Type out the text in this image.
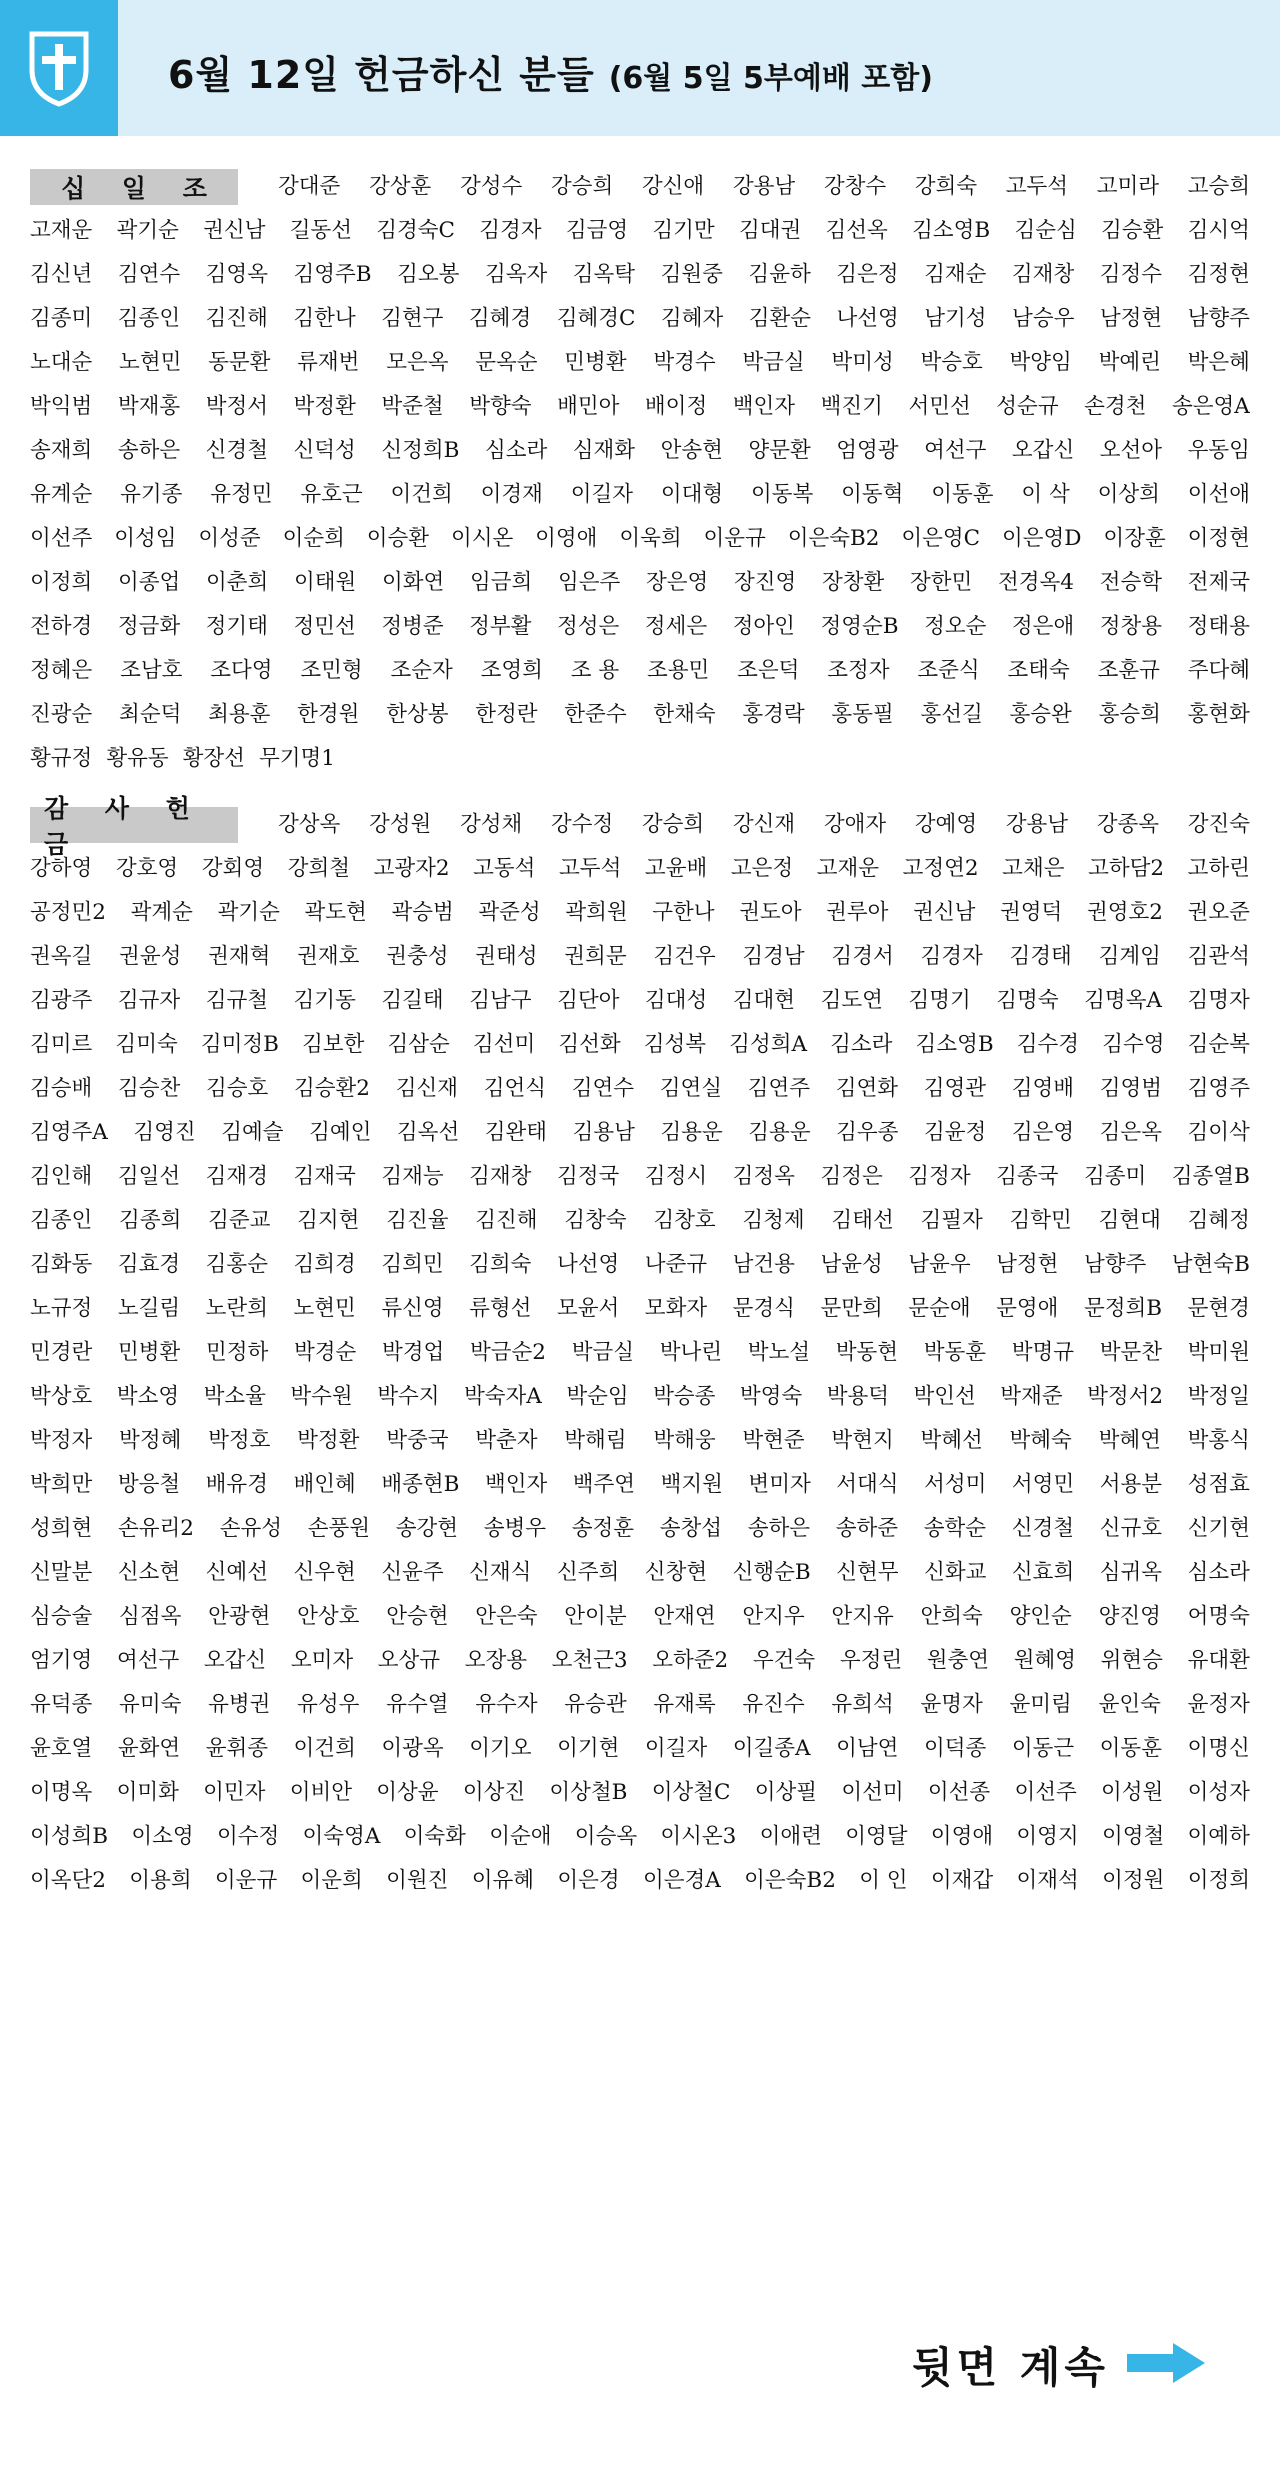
6월 12일 헌금하신 분들 (6월 5일 5부예배 포함)
십 일 조	강대준 강상훈 강성수 강승희 강신애 강용남 강창수 강희숙 고두석 고미라 고승희
고재운 곽기순 권신남 길동선 김경숙C 김경자 김금영 김기만 김대권 김선옥 김소영B 김순심 김승환 김시억
김신년 김연수 김영옥 김영주B 김오봉 김옥자 김옥탁 김원중 김윤하 김은정 김재순 김재창 김정수 김정현
김종미 김종인 김진해 김한나 김현구 김혜경 김혜경C 김혜자 김환순 나선영 남기성 남승우 남정현 남향주
노대순 노현민 동문환 류재번 모은옥 문옥순 민병환 박경수 박금실 박미성 박승호 박양임 박예린 박은혜
박익범 박재홍 박정서 박정환 박준철 박향숙 배민아 배이정 백인자 백진기 서민선 성순규 손경천 송은영A
송재희 송하은 신경철 신덕성 신정희B 심소라 심재화 안송현 양문환 엄영광 여선구 오갑신 오선아 우동임
유계순 유기종 유정민 유호근 이건희 이경재 이길자 이대형 이동복 이동혁 이동훈 이 삭 이상희 이선애
이선주 이성임 이성준 이순희 이승환 이시온 이영애 이욱희 이운규 이은숙B2 이은영C 이은영D 이장훈 이정현
이정희 이종업 이춘희 이태원 이화연 임금희 임은주 장은영 장진영 장창환 장한민 전경옥4 전승학 전제국
전하경 정금화 정기태 정민선 정병준 정부활 정성은 정세은 정아인 정영순B 정오순 정은애 정창용 정태용
정혜은 조남호 조다영 조민형 조순자 조영희 조 용 조용민 조은덕 조정자 조준식 조태숙 조훈규 주다혜
진광순 최순덕 최용훈 한경원 한상봉 한정란 한준수 한채숙 홍경락 홍동필 홍선길 홍승완 홍승희 홍현화
황규정 황유동 황장선 무기명1
감 사 헌 금
강상옥 강성원 강성채 강수정 강승희 강신재 강애자 강예영 강용남 강종옥 강진숙
강하영 강호영 강회영 강희철 고광자2 고동석 고두석 고윤배 고은정 고재운 고정연2 고채은 고하담2 고하린
공정민2 곽계순 곽기순 곽도현 곽승범 곽준성 곽희원 구한나 권도아 권루아 권신남 권영덕 권영호2 권오준
권옥길 권윤성 권재혁 권재호 권충성 권태성 권희문 김건우 김경남 김경서 김경자 김경태 김계임 김관석
김광주 김규자 김규철 김기동 김길태 김남구 김단아 김대성 김대현 김도연 김명기 김명숙 김명옥A 김명자
김미르 김미숙 김미정B 김보한 김삼순 김선미 김선화 김성복 김성희A 김소라 김소영B 김수경 김수영 김순복
김승배 김승찬 김승호 김승환2 김신재 김언식 김연수 김연실 김연주 김연화 김영관 김영배 김영범 김영주
김영주A 김영진 김예슬 김예인 김옥선 김완태 김용남 김용운 김용운 김우종 김윤정 김은영 김은옥 김이삭
김인해 김일선 김재경 김재국 김재능 김재창 김정국 김정시 김정옥 김정은 김정자 김종국 김종미 김종열B
김종인 김종희 김준교 김지현 김진율 김진해 김창숙 김창호 김청제 김태선 김필자 김학민 김현대 김혜정
김화동 김효경 김홍순 김희경 김희민 김희숙 나선영 나준규 남건용 남윤성 남윤우 남정현 남향주 남현숙B
노규정 노길림 노란희 노현민 류신영 류형선 모윤서 모화자 문경식 문만희 문순애 문영애 문정희B 문현경
민경란 민병환 민정하 박경순 박경업 박금순2 박금실 박나린 박노설 박동현 박동훈 박명규 박문찬 박미원
박상호 박소영 박소율 박수원 박수지 박숙자A 박순임 박승종 박영숙 박용덕 박인선 박재준 박정서2 박정일
박정자 박정혜 박정호 박정환 박중국 박춘자 박해림 박해웅 박현준 박현지 박혜선 박혜숙 박혜연 박홍식
박희만 방응철 배유경 배인혜 배종현B 백인자 백주연 백지원 변미자 서대식 서성미 서영민 서용분 성점효
성희현 손유리2 손유성 손풍원 송강현 송병우 송정훈 송창섭 송하은 송하준 송학순 신경철 신규호 신기현
신말분 신소현 신예선 신우현 신윤주 신재식 신주희 신창현 신행순B 신현무 신화교 신효희 심귀옥 심소라
심승술 심점옥 안광현 안상호 안승현 안은숙 안이분 안재연 안지우 안지유 안희숙 양인순 양진영 어명숙
엄기영 여선구 오갑신 오미자 오상규 오장용 오천근3 오하준2 우건숙 우정린 원충연 원혜영 위현승 유대환
유덕종 유미숙 유병권 유성우 유수열 유수자 유승관 유재록 유진수 유희석 윤명자 윤미림 윤인숙 윤정자
윤호열 윤화연 윤휘종 이건희 이광옥 이기오 이기현 이길자 이길종A 이남연 이덕종 이동근 이동훈 이명신
이명옥 이미화 이민자 이비안 이상윤 이상진 이상철B 이상철C 이상필 이선미 이선종 이선주 이성원 이성자
이성희B 이소영 이수정 이숙영A 이숙화 이순애 이승옥 이시온3 이애련 이영달 이영애 이영지 이영철 이예하
이옥단2 이용희 이운규 이운희 이원진 이유혜 이은경 이은경A 이은숙B2 이 인 이재갑 이재석 이정원 이정희
뒷면 계속
